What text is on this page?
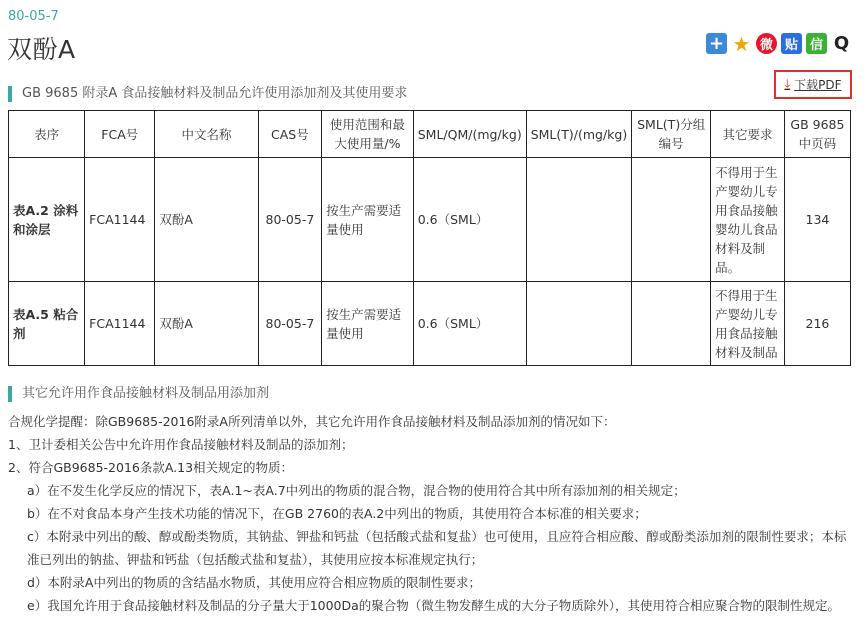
80-05-7
双酚A	+ ★ 微 贴 信 Q
GB 9685 附录A 食品接触材料及制品允许使用添加剂及其使用要求
⤓ 下载PDF
表序	FCA号	中文名称	CAS号	使用范围和最大使用量/%	SML/QM/(mg/kg)	SML(T)/(mg/kg)	SML(T)分组编号	其它要求	GB 9685中页码
表A.2 涂料和涂层	FCA1144	双酚A	80-05-7	按生产需要适量使用	0.6（SML）			不得用于生产婴幼儿专用食品接触婴幼儿食品材料及制品。	134
表A.5 粘合剂	FCA1144	双酚A	80-05-7	按生产需要适量使用	0.6（SML）			不得用于生产婴幼儿专用食品接触材料及制品	216
其它允许用作食品接触材料及制品用添加剂

合规化学提醒：除GB9685-2016附录A所列清单以外，其它允许用作食品接触材料及制品添加剂的情况如下：

1、卫计委相关公告中允许用作食品接触材料及制品的添加剂；

2、符合GB9685-2016条款A.13相关规定的物质：

a）在不发生化学反应的情况下，表A.1~表A.7中列出的物质的混合物，混合物的使用符合其中所有添加剂的相关规定；

b）在不对食品本身产生技术功能的情况下，在GB 2760的表A.2中列出的物质，其使用符合本标准的相关要求；

c）本附录中列出的酸、醇或酚类物质，其钠盐、钾盐和钙盐（包括酸式盐和复盐）也可使用，且应符合相应酸、醇或酚类添加剂的限制性要求；本标准已列出的钠盐、钾盐和钙盐（包括酸式盐和复盐），其使用应按本标准规定执行；

d）本附录A中列出的物质的含结晶水物质，其使用应符合相应物质的限制性要求；

e）我国允许用于食品接触材料及制品的分子量大于1000Da的聚合物（微生物发酵生成的大分子物质除外），其使用符合相应聚合物的限制性规定。
